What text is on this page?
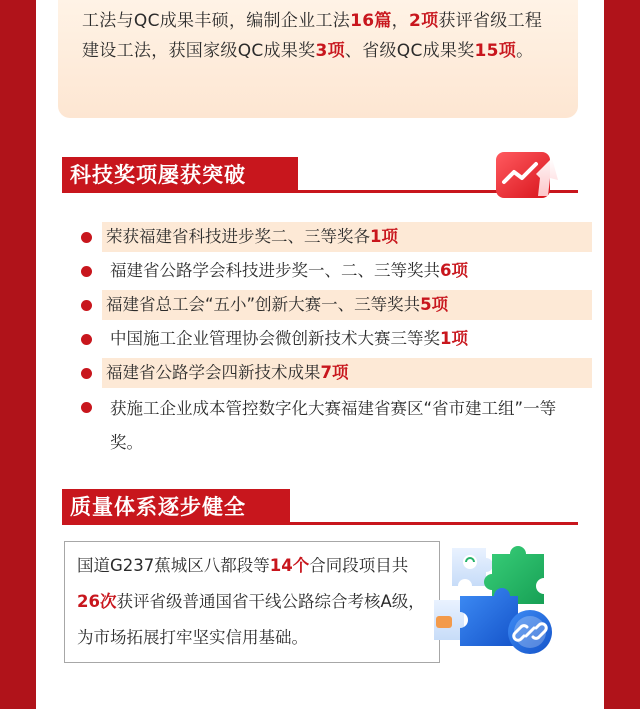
工法与QC成果丰硕，编制企业工法16篇，2项获评省级工程建设工法，获国家级QC成果奖3项、省级QC成果奖15项。

科技奖项屡获突破
荣获福建省科技进步奖二、三等奖各1项
福建省公路学会科技进步奖一、二、三等奖共6项
福建省总工会“五小”创新大赛一、三等奖共5项
中国施工企业管理协会微创新技术大赛三等奖1项
福建省公路学会四新技术成果7项
获施工企业成本管控数字化大赛福建省赛区“省市建工组”一等奖。
质量体系逐步健全

国道G237蕉城区八都段等14个合同段项目共26次获评省级普通国省干线公路综合考核A级，为市场拓展打牢坚实信用基础。
